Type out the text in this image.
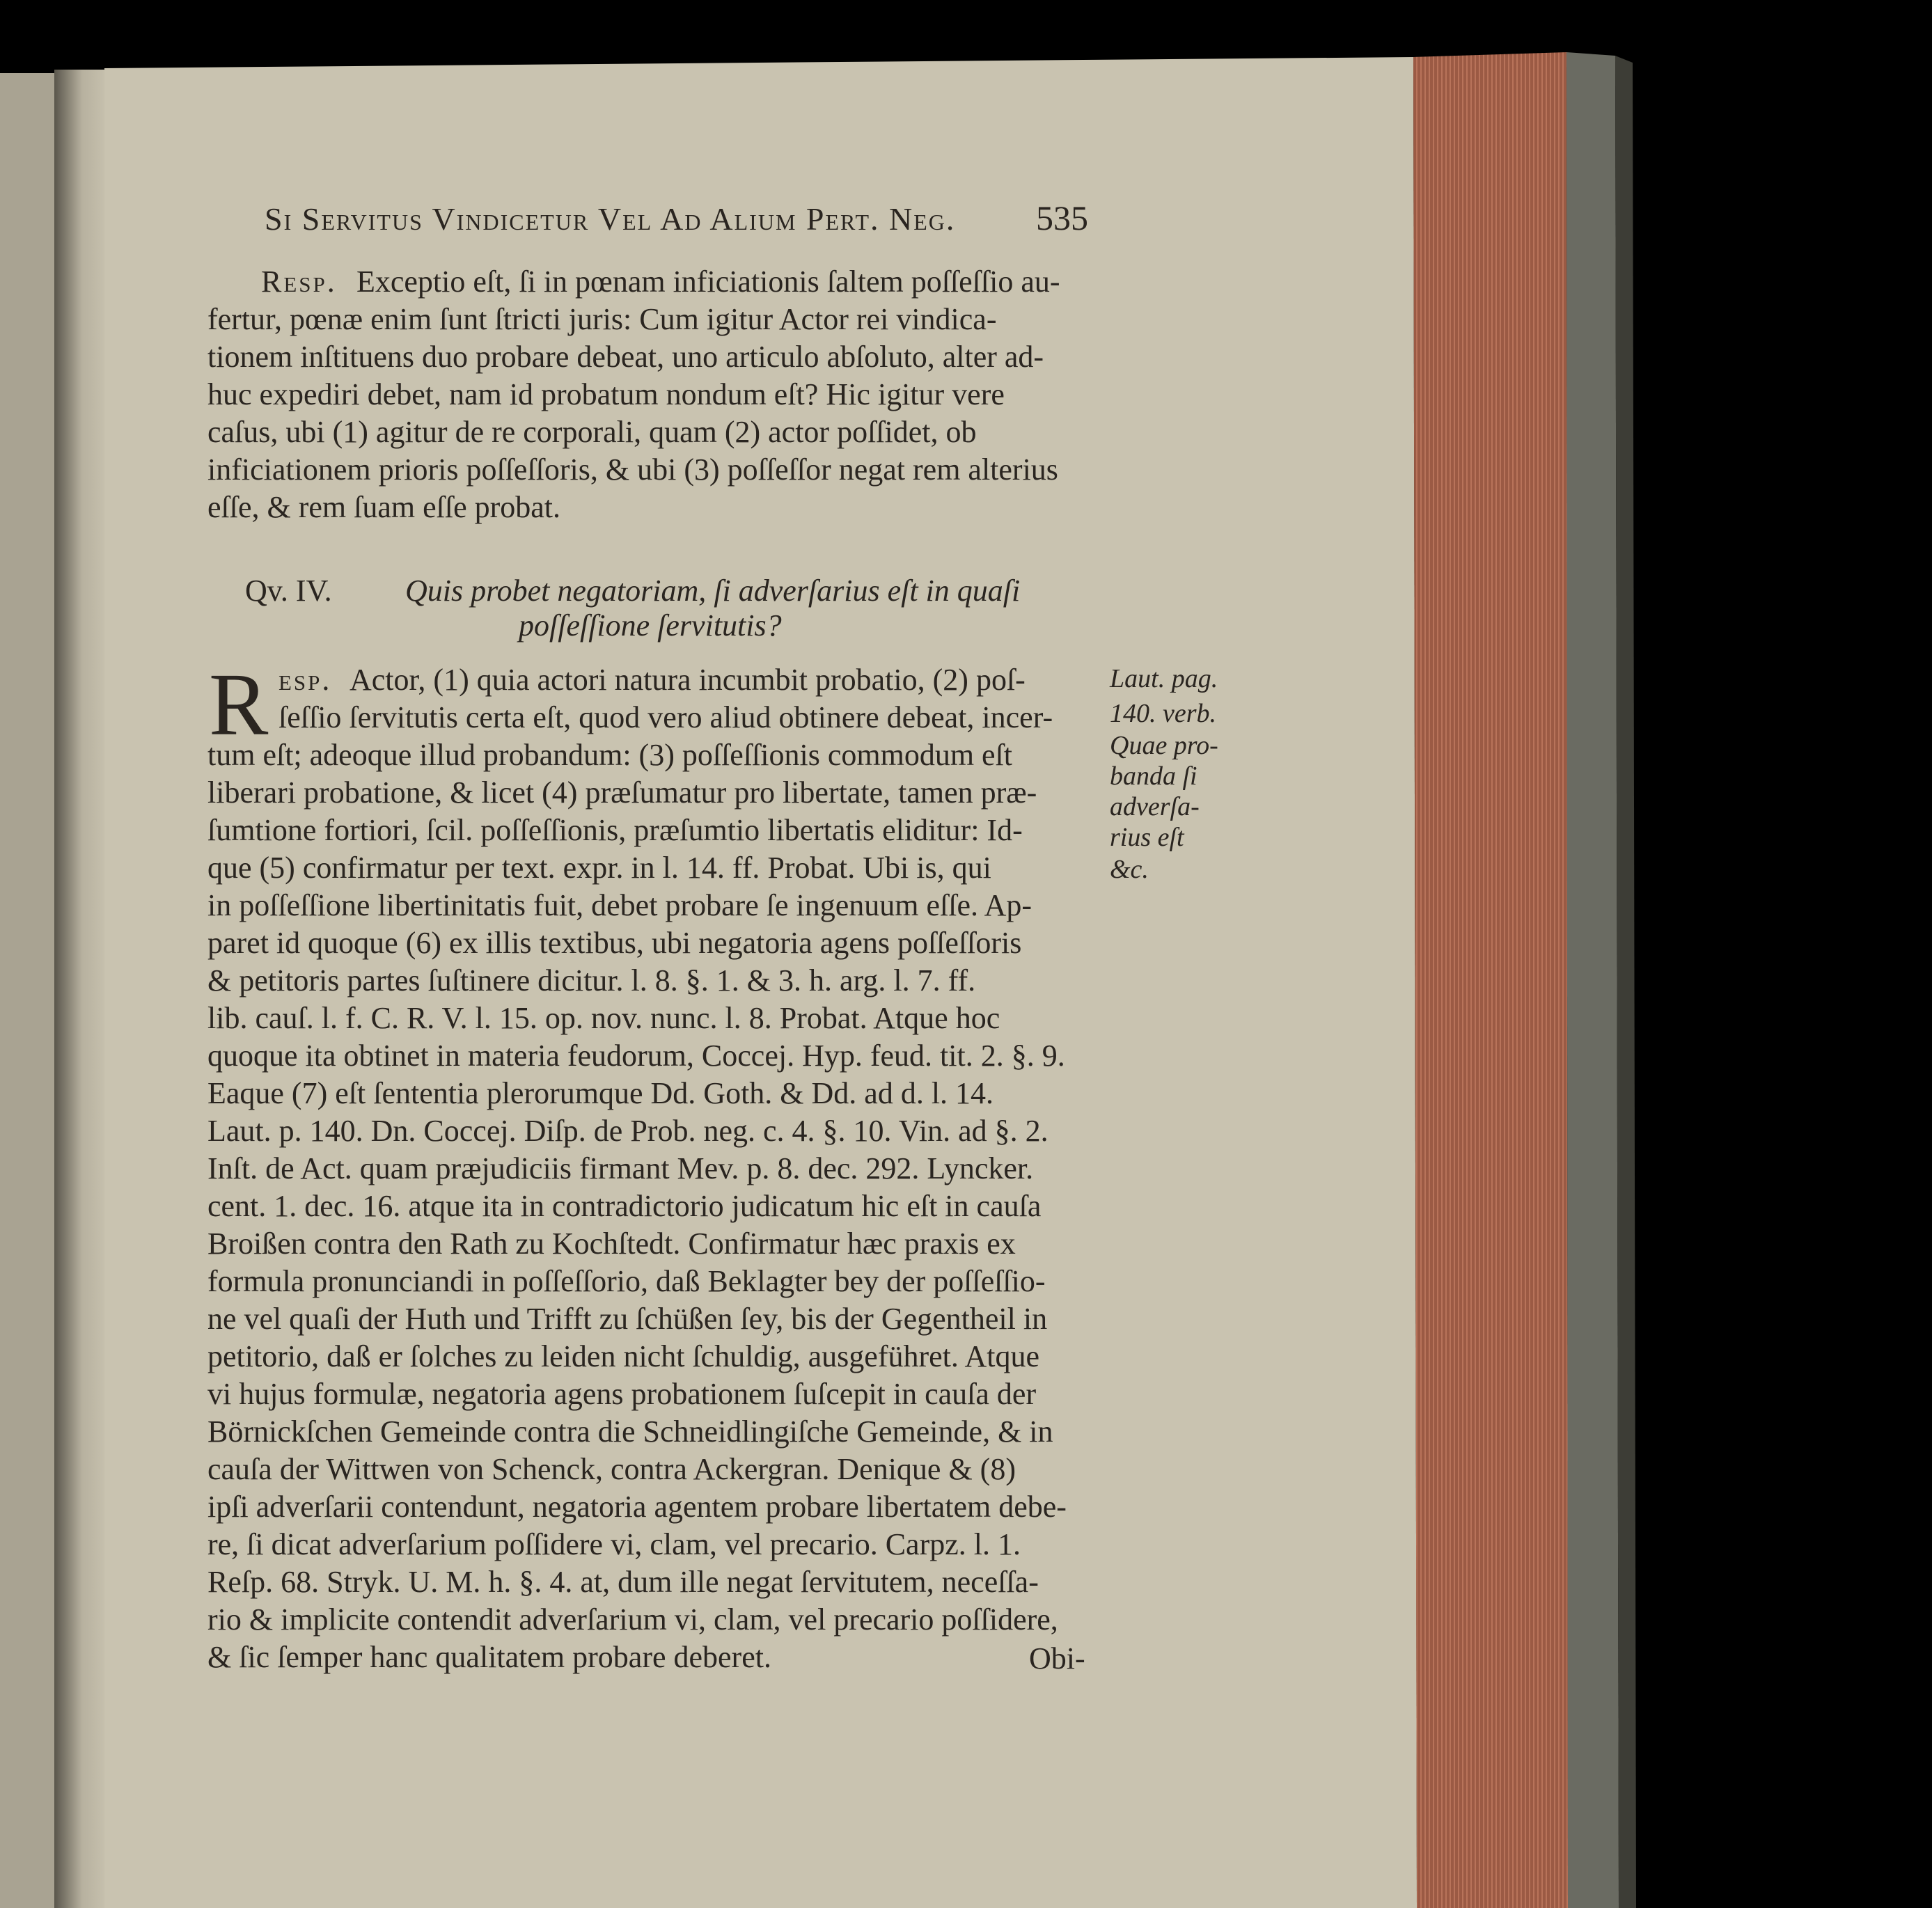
Si Servitus Vindicetur Vel Ad Alium Pert. Neg. 535
Resp. Exceptio eſt, ſi in pœnam inficiationis ſaltem poſſeſſio au-
fertur, pœnæ enim ſunt ſtricti juris: Cum igitur Actor rei vindica-
tionem inſtituens duo probare debeat, uno articulo abſoluto, alter ad-
huc expediri debet, nam id probatum nondum eſt? Hic igitur vere
caſus, ubi (1) agitur de re corporali, quam (2) actor poſſidet, ob
inficiationem prioris poſſeſſoris, & ubi (3) poſſeſſor negat rem alterius
eſſe, & rem ſuam eſſe probat.
Qv. IV. Quis probet negatoriam, ſi adverſarius eſt in quaſi
poſſeſſione ſervitutis?
R esp. Actor, (1) quia actori natura incumbit probatio, (2) poſ-
ſeſſio ſervitutis certa eſt, quod vero aliud obtinere debeat, incer-
tum eſt; adeoque illud probandum: (3) poſſeſſionis commodum eſt
liberari probatione, & licet (4) præſumatur pro libertate, tamen præ-
ſumtione fortiori, ſcil. poſſeſſionis, præſumtio libertatis eliditur: Id-
que (5) confirmatur per text. expr. in l. 14. ff. Probat. Ubi is, qui
in poſſeſſione libertinitatis fuit, debet probare ſe ingenuum eſſe. Ap-
paret id quoque (6) ex illis textibus, ubi negatoria agens poſſeſſoris
& petitoris partes ſuſtinere dicitur. l. 8. §. 1. & 3. h. arg. l. 7. ff.
lib. cauſ. l. f. C. R. V. l. 15. op. nov. nunc. l. 8. Probat. Atque hoc
quoque ita obtinet in materia feudorum, Coccej. Hyp. feud. tit. 2. §. 9.
Eaque (7) eſt ſententia plerorumque Dd. Goth. & Dd. ad d. l. 14.
Laut. p. 140. Dn. Coccej. Diſp. de Prob. neg. c. 4. §. 10. Vin. ad §. 2.
Inſt. de Act. quam præjudiciis firmant Mev. p. 8. dec. 292. Lyncker.
cent. 1. dec. 16. atque ita in contradictorio judicatum hic eſt in cauſa
Broißen contra den Rath zu Kochſtedt. Confirmatur hæc praxis ex
formula pronunciandi in poſſeſſorio, daß Beklagter bey der poſſeſſio-
ne vel quaſi der Huth und Trifft zu ſchüßen ſey, bis der Gegentheil in
petitorio, daß er ſolches zu leiden nicht ſchuldig, ausgeführet. Atque
vi hujus formulæ, negatoria agens probationem ſuſcepit in cauſa der
Börnickſchen Gemeinde contra die Schneidlingiſche Gemeinde, & in
cauſa der Wittwen von Schenck, contra Ackergran. Denique & (8)
ipſi adverſarii contendunt, negatoria agentem probare libertatem debe-
re, ſi dicat adverſarium poſſidere vi, clam, vel precario. Carpz. l. 1.
Reſp. 68. Stryk. U. M. h. §. 4. at, dum ille negat ſervitutem, neceſſa-
rio & implicite contendit adverſarium vi, clam, vel precario poſſidere,
& ſic ſemper hanc qualitatem probare deberet.
Laut. pag.
140. verb.
Quae pro-
banda ſi
adverſa-
rius eſt
&c.
Obi-
